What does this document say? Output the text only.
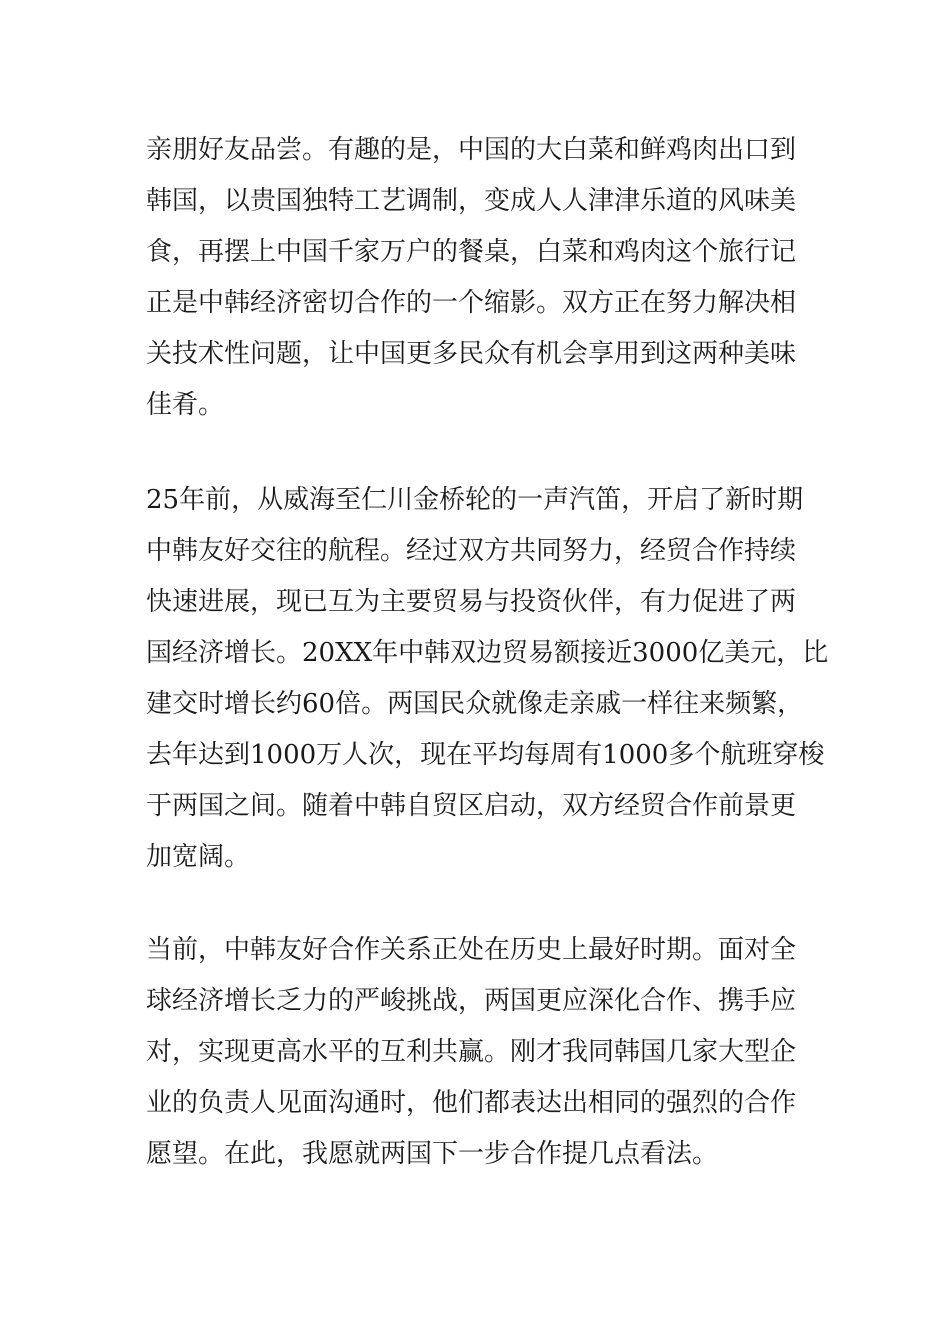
亲朋好友品尝。有趣的是，中国的大白菜和鲜鸡肉出口到
韩国，以贵国独特工艺调制，变成人人津津乐道的风味美
食，再摆上中国千家万户的餐桌，白菜和鸡肉这个旅行记
正是中韩经济密切合作的一个缩影。双方正在努力解决相
关技术性问题，让中国更多民众有机会享用到这两种美味
佳肴。
25年前，从威海至仁川金桥轮的一声汽笛，开启了新时期
中韩友好交往的航程。经过双方共同努力，经贸合作持续
快速进展，现已互为主要贸易与投资伙伴，有力促进了两
国经济增长。20XX年中韩双边贸易额接近3000亿美元，比
建交时增长约60倍。两国民众就像走亲戚一样往来频繁，
去年达到1000万人次，现在平均每周有1000多个航班穿梭
于两国之间。随着中韩自贸区启动，双方经贸合作前景更
加宽阔。
当前，中韩友好合作关系正处在历史上最好时期。面对全
球经济增长乏力的严峻挑战，两国更应深化合作、携手应
对，实现更高水平的互利共赢。刚才我同韩国几家大型企
业的负责人见面沟通时，他们都表达出相同的强烈的合作
愿望。在此，我愿就两国下一步合作提几点看法。
